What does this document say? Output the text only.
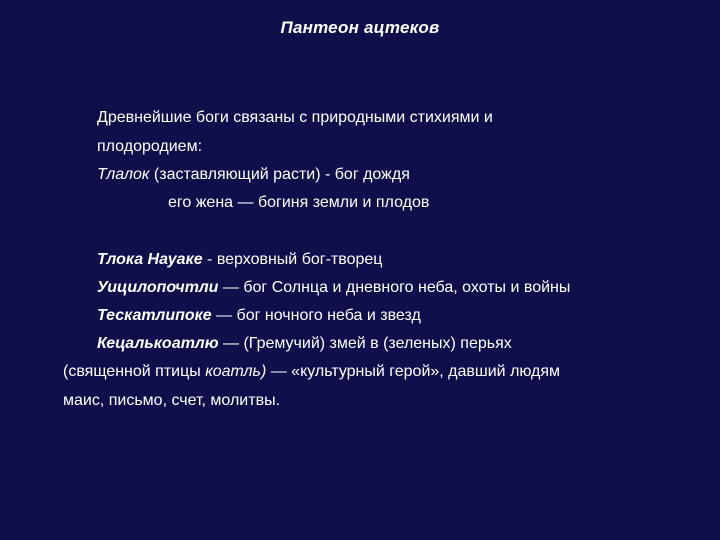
Пантеон ацтеков
Древнейшие боги связаны с природными стихиями и
плодородием:
Тлалок (заставляющий расти) - бог дождя
его жена — богиня земли и плодов
Тлока Науаке - верховный бог-творец
Уицилопочтли — бог Солнца и дневного неба, охоты и войны
Тескатлипоке — бог ночного неба и звезд
Кецалькоатлю — (Гремучий) змей в (зеленых) перьях
(священной птицы коатль) — «культурный герой», давший людям
маис, письмо, счет, молитвы.
